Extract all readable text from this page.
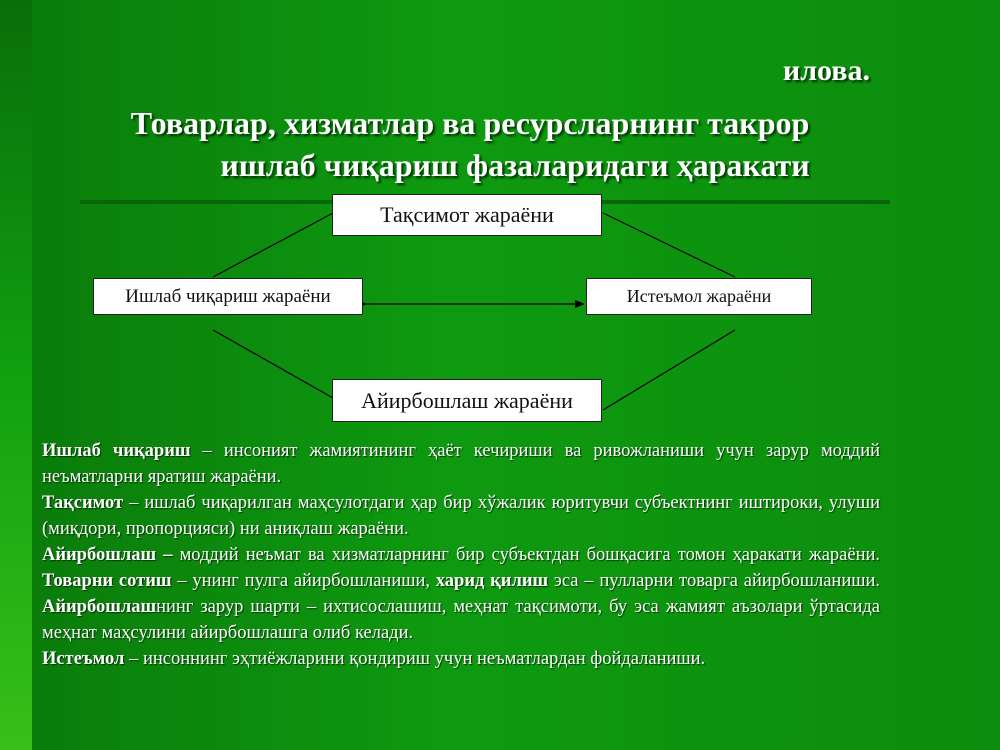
илова.
Товарлар, хизматлар ва ресурсларнинг такрор
ишлаб чиқариш фазаларидаги ҳаракати
Тақсимот жараёни
Ишлаб чиқариш жараёни	Истеъмол жараёни
Айирбошлаш жараёни

Ишлаб чиқариш – инсоният жамиятининг ҳаёт кечириши ва ривожланиши учун зарур моддий неъматларни яратиш жараёни.

Тақсимот – ишлаб чиқарилган маҳсулотдаги ҳар бир хўжалик юритувчи субъектнинг иштироки, улуши (миқдори, пропорцияси) ни аниқлаш жараёни.

Айирбошлаш – моддий неъмат ва хизматларнинг бир субъектдан бошқасига томон ҳаракати жараёни. Товарни сотиш – унинг пулга айирбошланиши, харид қилиш эса – пулларни товарга айирбошланиши. Айирбошлашнинг зарур шарти – ихтисослашиш, меҳнат тақсимоти, бу эса жамият аъзолари ўртасида меҳнат маҳсулини айирбошлашга олиб келади.

Истеъмол – инсоннинг эҳтиёжларини қондириш учун неъматлардан фойдаланиши.
